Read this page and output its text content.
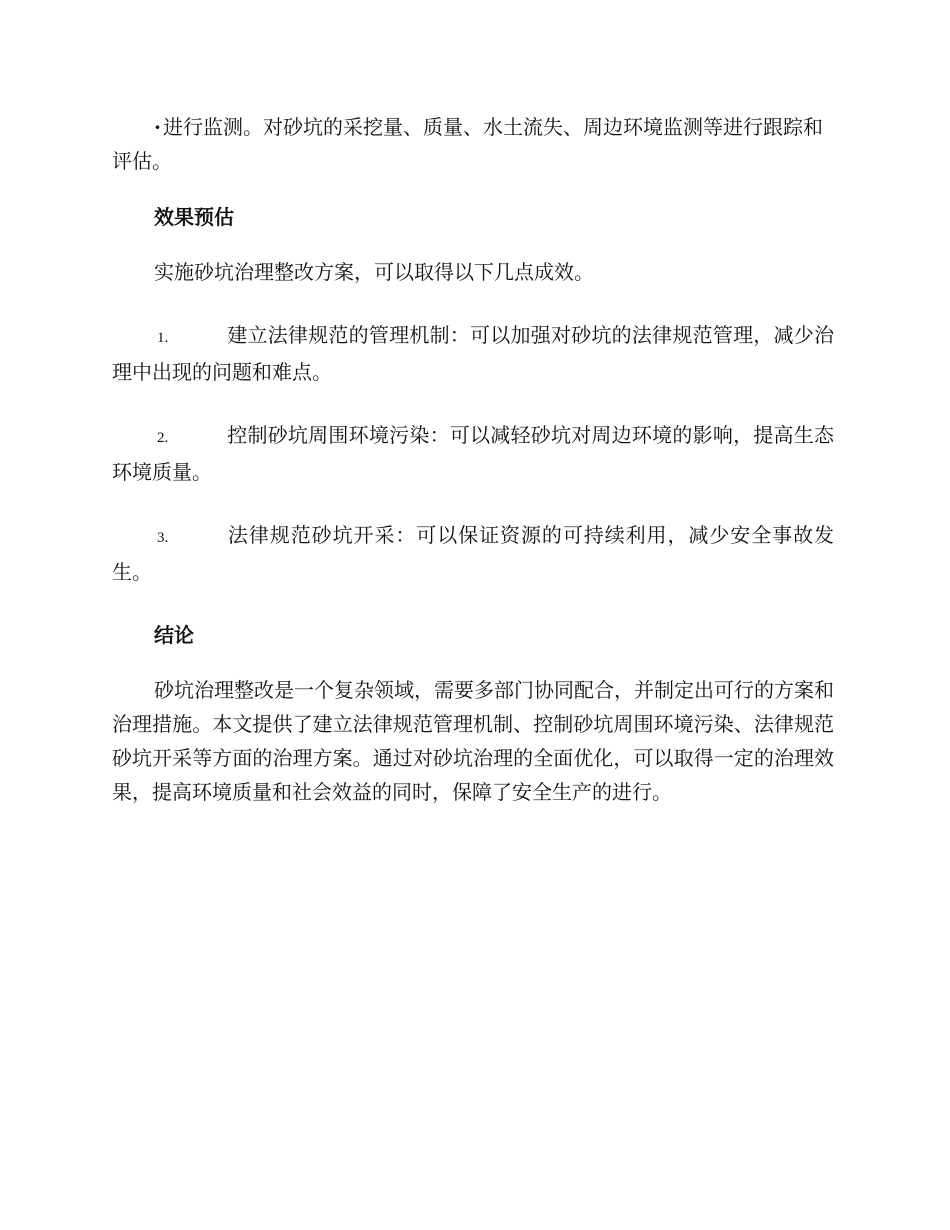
· 进行监测。对砂坑的采挖量、质量、水土流失、周边环境监测等进行跟踪和评估。

效果预估

实施砂坑治理整改方案，可以取得以下几点成效。

1.	建立法律规范的管理机制：可以加强对砂坑的法律规范管理，减少治理中出现的问题和难点。

2.	控制砂坑周围环境污染：可以减轻砂坑对周边环境的影响，提高生态环境质量。

3.	法律规范砂坑开采：可以保证资源的可持续利用，减少安全事故发生。

结论

砂坑治理整改是一个复杂领域，需要多部门协同配合，并制定出可行的方案和治理措施。本文提供了建立法律规范管理机制、控制砂坑周围环境污染、法律规范砂坑开采等方面的治理方案。通过对砂坑治理的全面优化，可以取得一定的治理效果，提高环境质量和社会效益的同时，保障了安全生产的进行。
